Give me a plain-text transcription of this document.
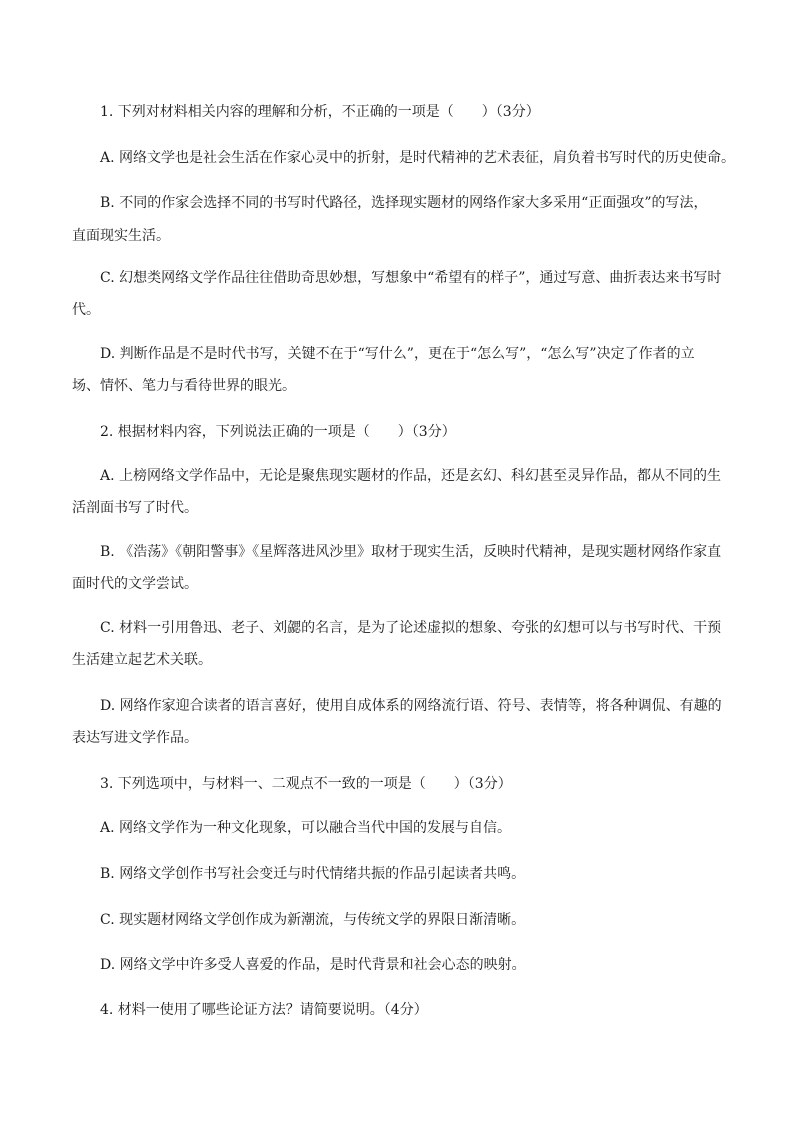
1. 下列对材料相关内容的理解和分析，不正确的一项是（　　）（3分）
A. 网络文学也是社会生活在作家心灵中的折射，是时代精神的艺术表征，肩负着书写时代的历史使命。
B. 不同的作家会选择不同的书写时代路径，选择现实题材的网络作家大多采用“正面强攻”的写法，
直面现实生活。
C. 幻想类网络文学作品往往借助奇思妙想，写想象中“希望有的样子”，通过写意、曲折表达来书写时
代。
D. 判断作品是不是时代书写，关键不在于“写什么”，更在于“怎么写”，“怎么写”决定了作者的立
场、情怀、笔力与看待世界的眼光。
2. 根据材料内容，下列说法正确的一项是（　　）（3分）
A. 上榜网络文学作品中，无论是聚焦现实题材的作品，还是玄幻、科幻甚至灵异作品，都从不同的生
活剖面书写了时代。
B. 《浩荡》《朝阳警事》《星辉落进风沙里》取材于现实生活，反映时代精神，是现实题材网络作家直
面时代的文学尝试。
C. 材料一引用鲁迅、老子、刘勰的名言，是为了论述虚拟的想象、夸张的幻想可以与书写时代、干预
生活建立起艺术关联。
D. 网络作家迎合读者的语言喜好，使用自成体系的网络流行语、符号、表情等，将各种调侃、有趣的
表达写进文学作品。
3. 下列选项中，与材料一、二观点不一致的一项是（　　）（3分）
A. 网络文学作为一种文化现象，可以融合当代中国的发展与自信。
B. 网络文学创作书写社会变迁与时代情绪共振的作品引起读者共鸣。
C. 现实题材网络文学创作成为新潮流，与传统文学的界限日渐清晰。
D. 网络文学中许多受人喜爱的作品，是时代背景和社会心态的映射。
4. 材料一使用了哪些论证方法？请简要说明。（4分）
